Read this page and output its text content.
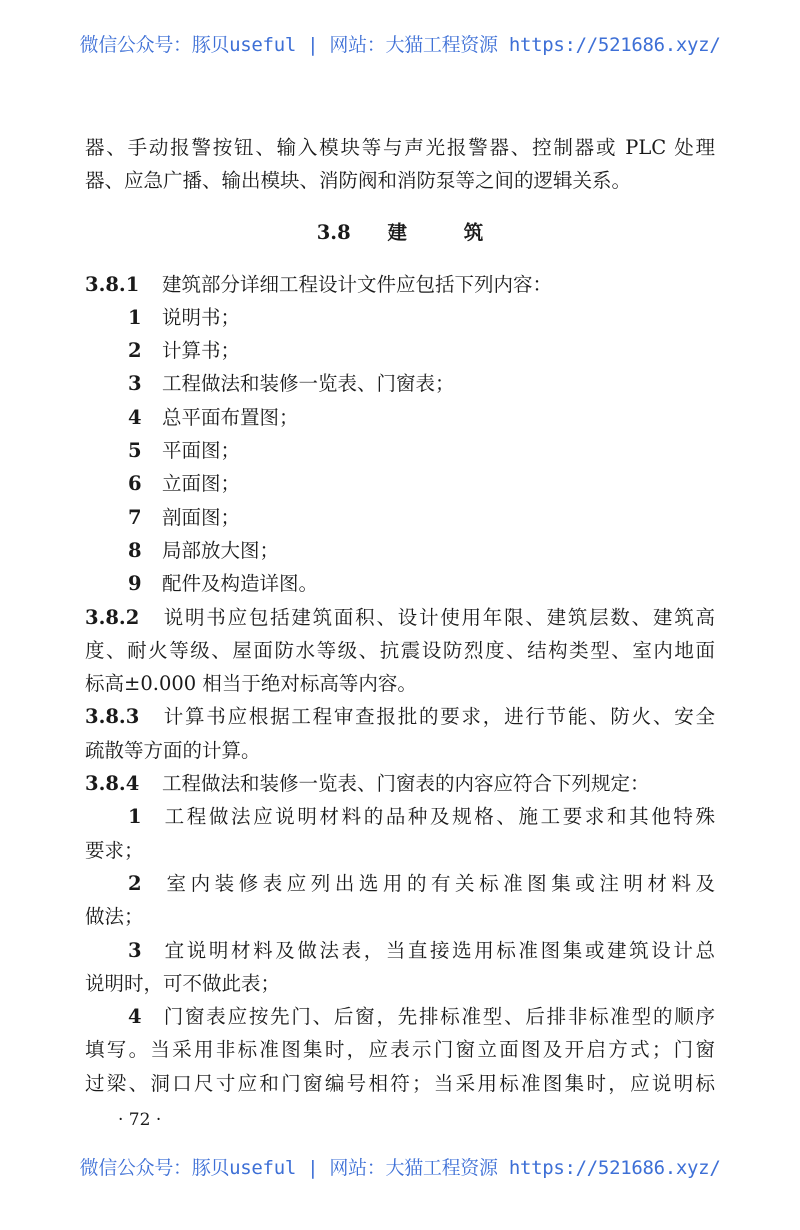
微信公众号：豚贝useful | 网站：大猫工程资源 https://521686.xyz/
器、手动报警按钮、输入模块等与声光报警器、控制器或 PLC 处理
器、应急广播、输出模块、消防阀和消防泵等之间的逻辑关系。
3.8 建	筑
3.8.1 建筑部分详细工程设计文件应包括下列内容：
1 说明书；
2 计算书；
3 工程做法和装修一览表、门窗表；
4 总平面布置图；
5 平面图；
6 立面图；
7 剖面图；
8 局部放大图；
9 配件及构造详图。
3.8.2 说明书应包括建筑面积、设计使用年限、建筑层数、建筑高
度、耐火等级、屋面防水等级、抗震设防烈度、结构类型、室内地面
标高±0.000 相当于绝对标高等内容。
3.8.3 计算书应根据工程审查报批的要求，进行节能、防火、安全
疏散等方面的计算。
3.8.4 工程做法和装修一览表、门窗表的内容应符合下列规定：
1 工程做法应说明材料的品种及规格、施工要求和其他特殊
要求；
2 室内装修表应列出选用的有关标准图集或注明材料及
做法；
3 宜说明材料及做法表，当直接选用标准图集或建筑设计总
说明时，可不做此表；
4 门窗表应按先门、后窗，先排标准型、后排非标准型的顺序
填写。当采用非标准图集时，应表示门窗立面图及开启方式；门窗
过梁、洞口尺寸应和门窗编号相符；当采用标准图集时，应说明标
· 72 ·
微信公众号：豚贝useful | 网站：大猫工程资源 https://521686.xyz/
